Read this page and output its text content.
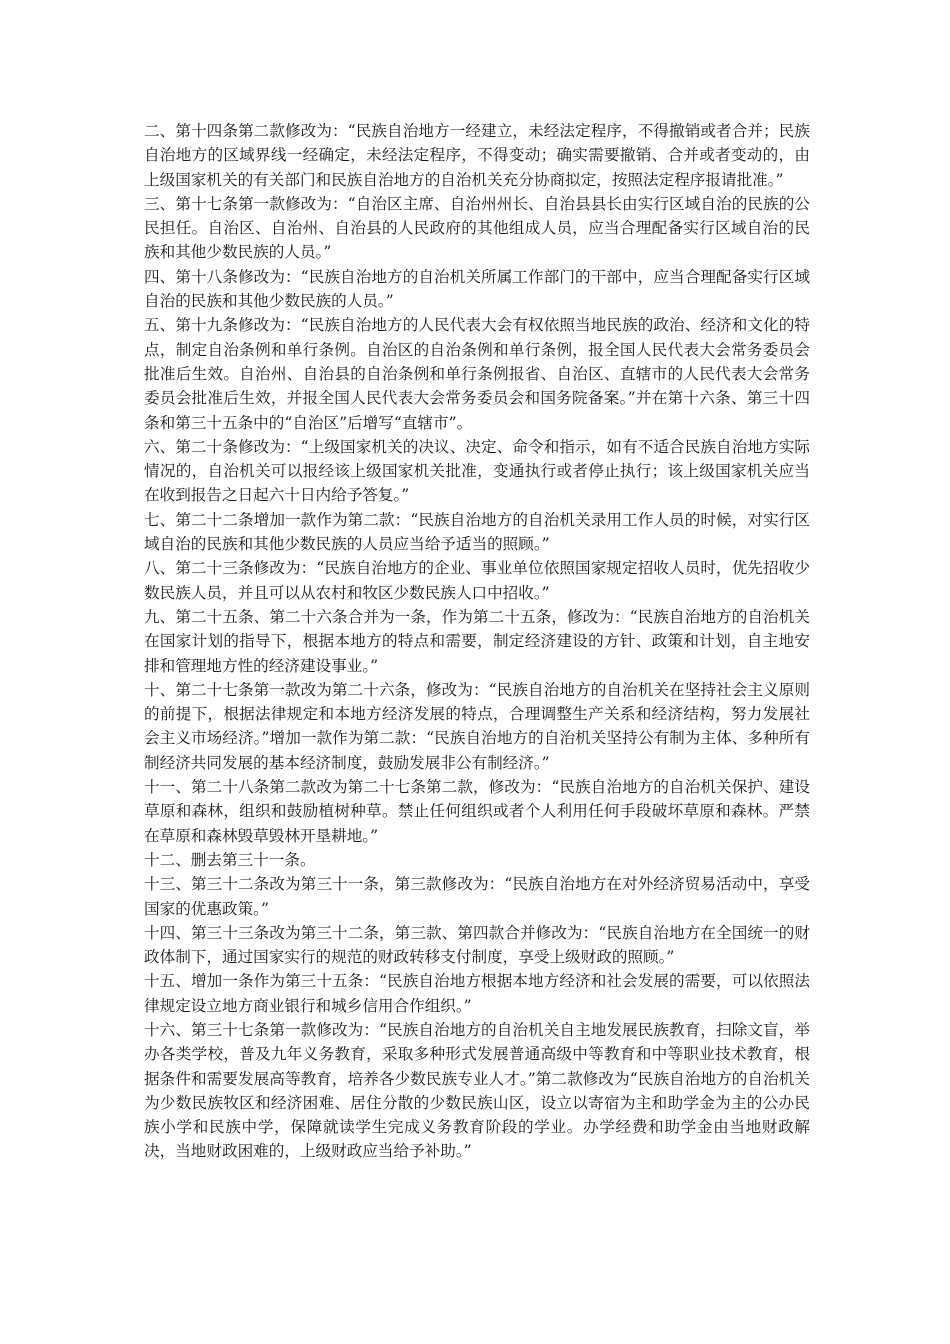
二、第十四条第二款修改为：“民族自治地方一经建立，未经法定程序，不得撤销或者合并；民族自治地方的区域界线一经确定，未经法定程序，不得变动；确实需要撤销、合并或者变动的，由上级国家机关的有关部门和民族自治地方的自治机关充分协商拟定，按照法定程序报请批准。”

三、第十七条第一款修改为：“自治区主席、自治州州长、自治县县长由实行区域自治的民族的公民担任。自治区、自治州、自治县的人民政府的其他组成人员，应当合理配备实行区域自治的民族和其他少数民族的人员。”

四、第十八条修改为：“民族自治地方的自治机关所属工作部门的干部中，应当合理配备实行区域自治的民族和其他少数民族的人员。”

五、第十九条修改为：“民族自治地方的人民代表大会有权依照当地民族的政治、经济和文化的特点，制定自治条例和单行条例。自治区的自治条例和单行条例，报全国人民代表大会常务委员会批准后生效。自治州、自治县的自治条例和单行条例报省、自治区、直辖市的人民代表大会常务委员会批准后生效，并报全国人民代表大会常务委员会和国务院备案。”并在第十六条、第三十四条和第三十五条中的“自治区”后增写“直辖市”。

六、第二十条修改为：“上级国家机关的决议、决定、命令和指示，如有不适合民族自治地方实际情况的，自治机关可以报经该上级国家机关批准，变通执行或者停止执行；该上级国家机关应当在收到报告之日起六十日内给予答复。”

七、第二十二条增加一款作为第二款：“民族自治地方的自治机关录用工作人员的时候，对实行区域自治的民族和其他少数民族的人员应当给予适当的照顾。”

八、第二十三条修改为：“民族自治地方的企业、事业单位依照国家规定招收人员时，优先招收少数民族人员，并且可以从农村和牧区少数民族人口中招收。”

九、第二十五条、第二十六条合并为一条，作为第二十五条，修改为：“民族自治地方的自治机关在国家计划的指导下，根据本地方的特点和需要，制定经济建设的方针、政策和计划，自主地安排和管理地方性的经济建设事业。”

十、第二十七条第一款改为第二十六条，修改为：“民族自治地方的自治机关在坚持社会主义原则的前提下，根据法律规定和本地方经济发展的特点，合理调整生产关系和经济结构，努力发展社会主义市场经济。”增加一款作为第二款：“民族自治地方的自治机关坚持公有制为主体、多种所有制经济共同发展的基本经济制度，鼓励发展非公有制经济。”

十一、第二十八条第二款改为第二十七条第二款，修改为：“民族自治地方的自治机关保护、建设草原和森林，组织和鼓励植树种草。禁止任何组织或者个人利用任何手段破坏草原和森林。严禁在草原和森林毁草毁林开垦耕地。”

十二、删去第三十一条。

十三、第三十二条改为第三十一条，第三款修改为：“民族自治地方在对外经济贸易活动中，享受国家的优惠政策。”

十四、第三十三条改为第三十二条，第三款、第四款合并修改为：“民族自治地方在全国统一的财政体制下，通过国家实行的规范的财政转移支付制度，享受上级财政的照顾。”

十五、增加一条作为第三十五条：“民族自治地方根据本地方经济和社会发展的需要，可以依照法律规定设立地方商业银行和城乡信用合作组织。”

十六、第三十七条第一款修改为：“民族自治地方的自治机关自主地发展民族教育，扫除文盲，举办各类学校，普及九年义务教育，采取多种形式发展普通高级中等教育和中等职业技术教育，根据条件和需要发展高等教育，培养各少数民族专业人才。”第二款修改为“民族自治地方的自治机关为少数民族牧区和经济困难、居住分散的少数民族山区，设立以寄宿为主和助学金为主的公办民族小学和民族中学，保障就读学生完成义务教育阶段的学业。办学经费和助学金由当地财政解决，当地财政困难的，上级财政应当给予补助。”
